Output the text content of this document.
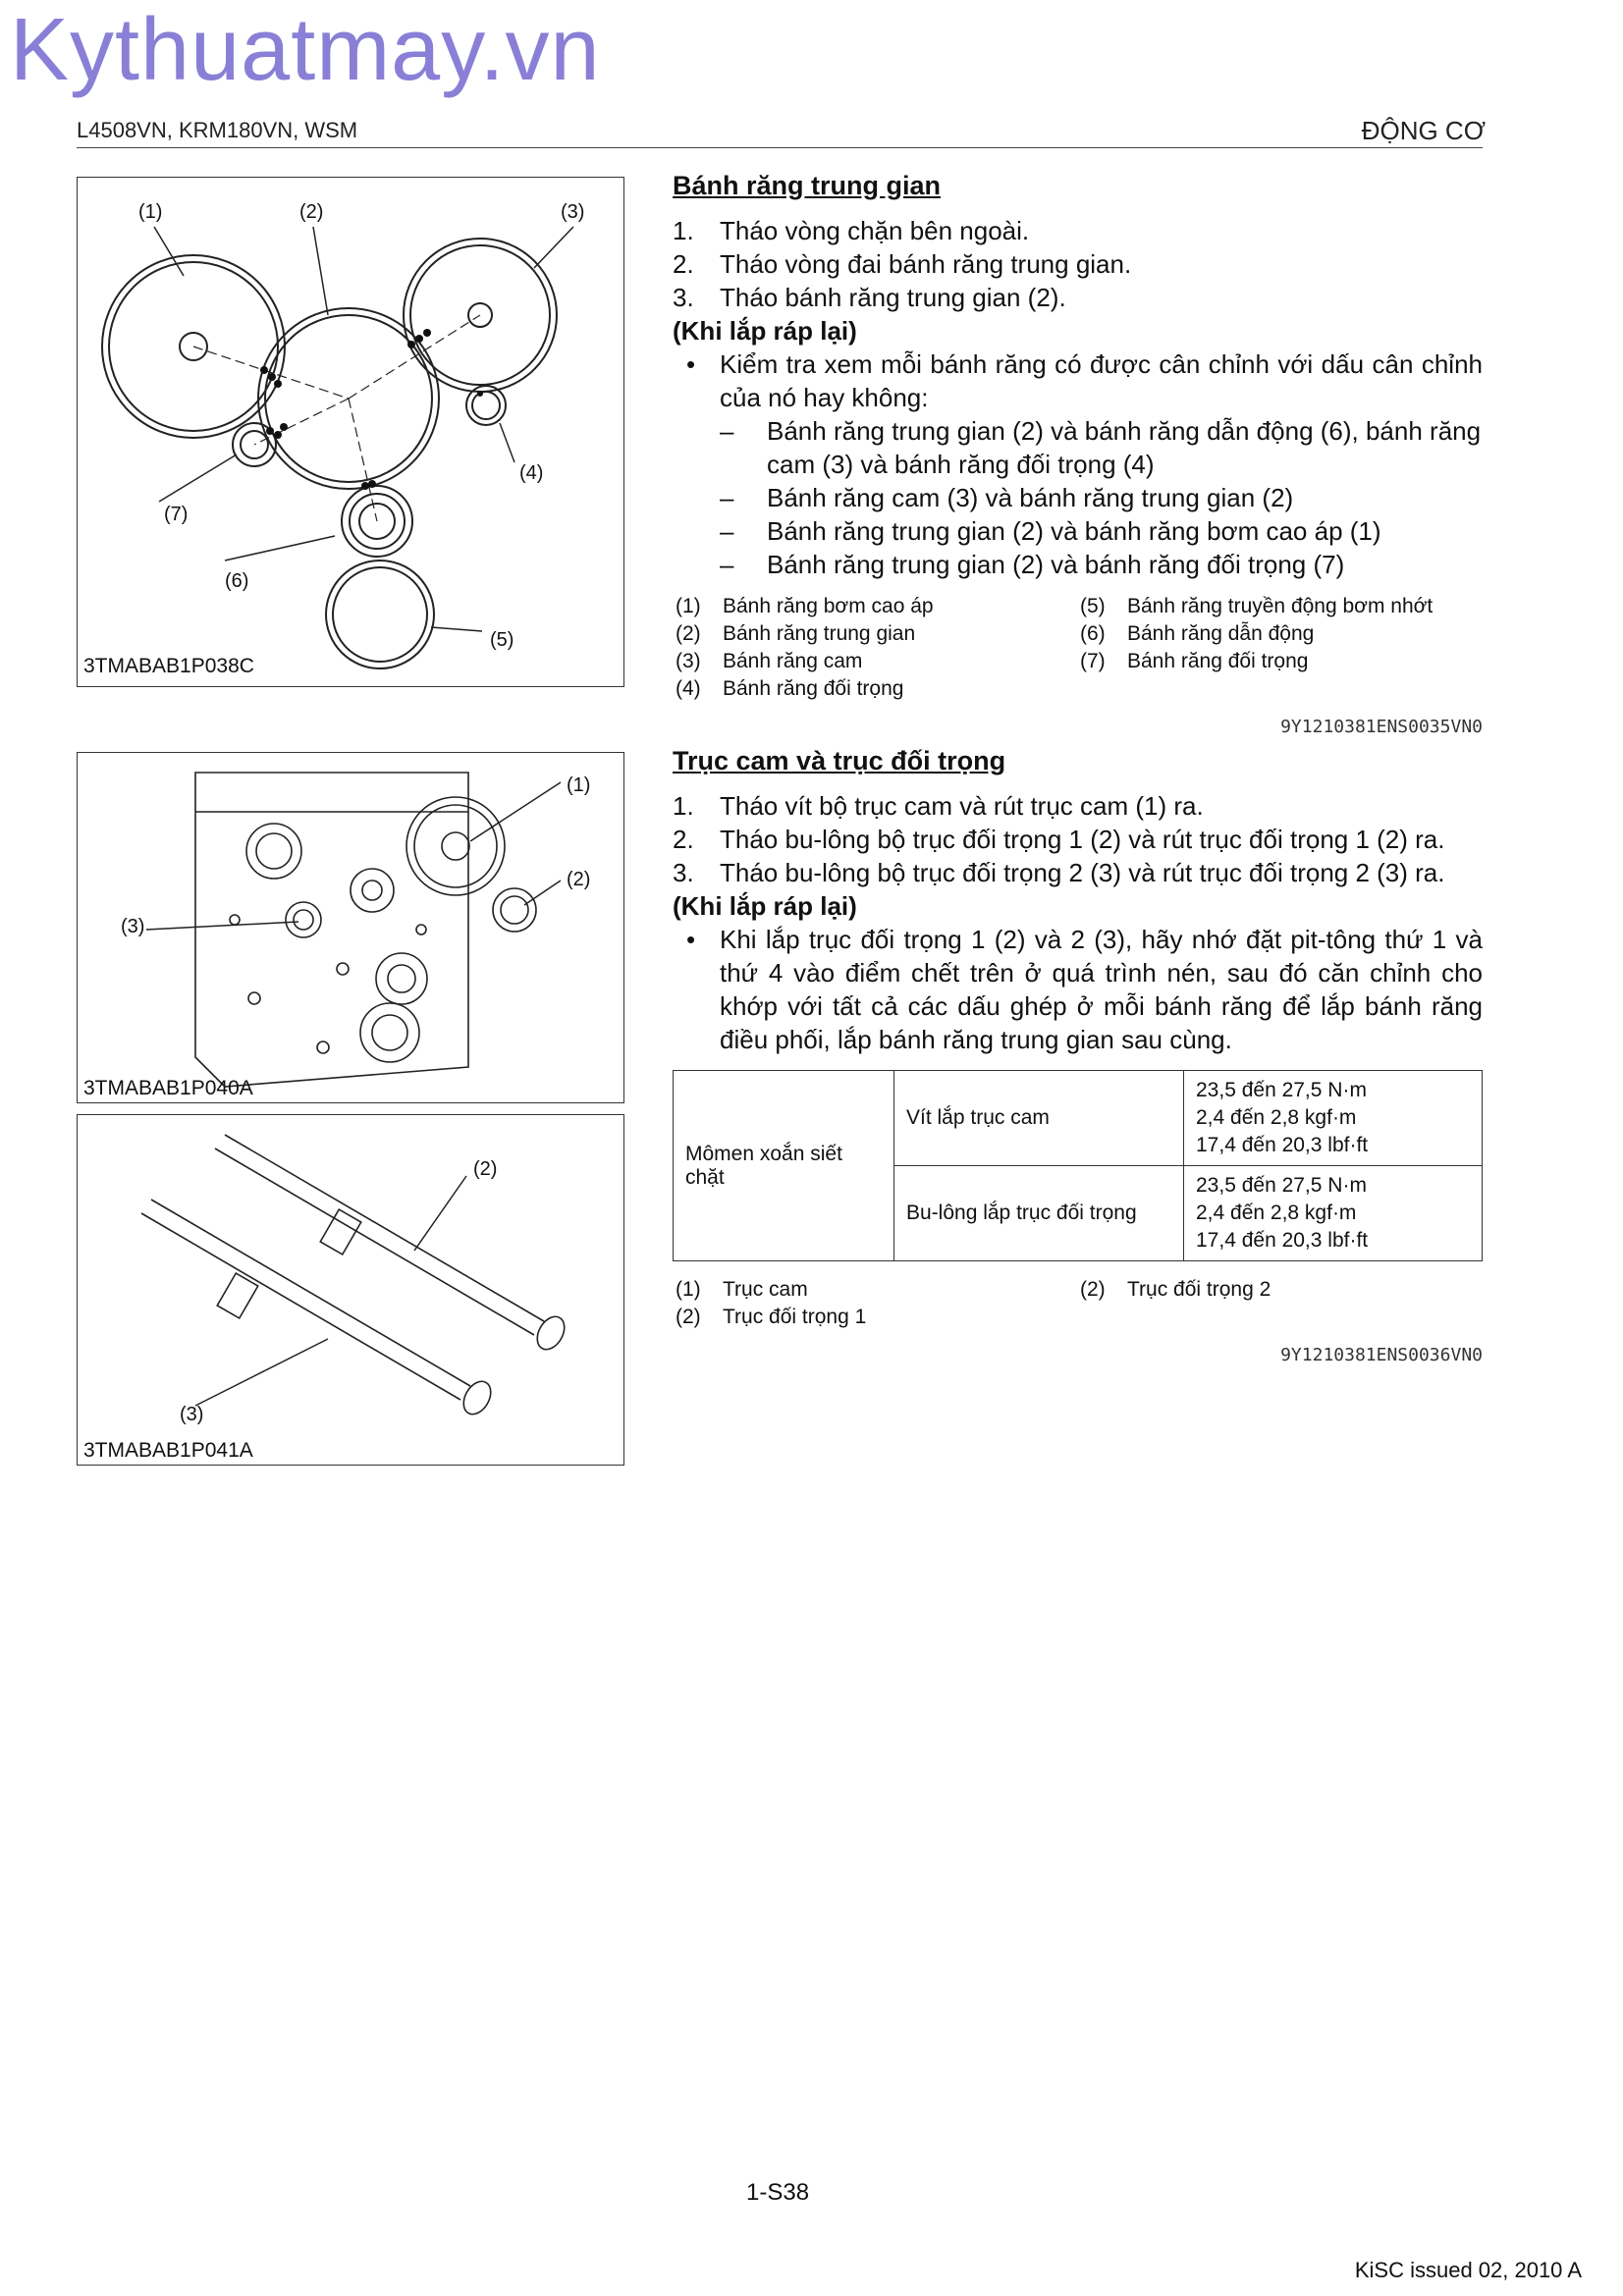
Kythuatmay.vn
L4508VN, KRM180VN, WSM	ĐỘNG CƠ
(1)	(2)	(3)
(4)
(5)
(6)
(7)
3TMABAB1P038C
(1)
(2)
(3)
3TMABAB1P040A
(2)
(3)
3TMABAB1P041A
Bánh răng trung gian
1.	Tháo vòng chặn bên ngoài.
2.	Tháo vòng đai bánh răng trung gian.
3.	Tháo bánh răng trung gian (2).
(Khi lắp ráp lại)
• Kiểm tra xem mỗi bánh răng có được cân chỉnh với dấu cân chỉnh của nó hay không:
–	Bánh răng trung gian (2) và bánh răng dẫn động (6), bánh răng cam (3) và bánh răng đối trọng (4)
–	Bánh răng cam (3) và bánh răng trung gian (2)
–	Bánh răng trung gian (2) và bánh răng bơm cao áp (1)
–	Bánh răng trung gian (2) và bánh răng đối trọng (7)
(1)	Bánh răng bơm cao áp
(2)	Bánh răng trung gian
(3)	Bánh răng cam
(4)	Bánh răng đối trọng
(5)	Bánh răng truyền động bơm nhớt
(6)	Bánh răng dẫn động
(7)	Bánh răng đối trọng
9Y1210381ENS0035VN0
Trục cam và trục đối trọng
1.	Tháo vít bộ trục cam và rút trục cam (1) ra.
2.	Tháo bu-lông bộ trục đối trọng 1 (2) và rút trục đối trọng 1 (2) ra.
3.	Tháo bu-lông bộ trục đối trọng 2 (3) và rút trục đối trọng 2 (3) ra.
(Khi lắp ráp lại)
• Khi lắp trục đối trọng 1 (2) và 2 (3), hãy nhớ đặt pit-tông thứ 1 và thứ 4 vào điểm chết trên ở quá trình nén, sau đó căn chỉnh cho khớp với tất cả các dấu ghép ở mỗi bánh răng để lắp bánh răng điều phối, lắp bánh răng trung gian sau cùng.
Mômen xoắn siết chặt	Vít lắp trục cam	23,5 đến 27,5 N·m
2,4 đến 2,8 kgf·m
17,4 đến 20,3 lbf·ft

	Bu-lông lắp trục đối trọng	23,5 đến 27,5 N·m
2,4 đến 2,8 kgf·m
17,4 đến 20,3 lbf·ft
(1)	Trục cam
(2)	Trục đối trọng 1
(2)	Trục đối trọng 2
9Y1210381ENS0036VN0
1-S38
KiSC issued 02, 2010 A
